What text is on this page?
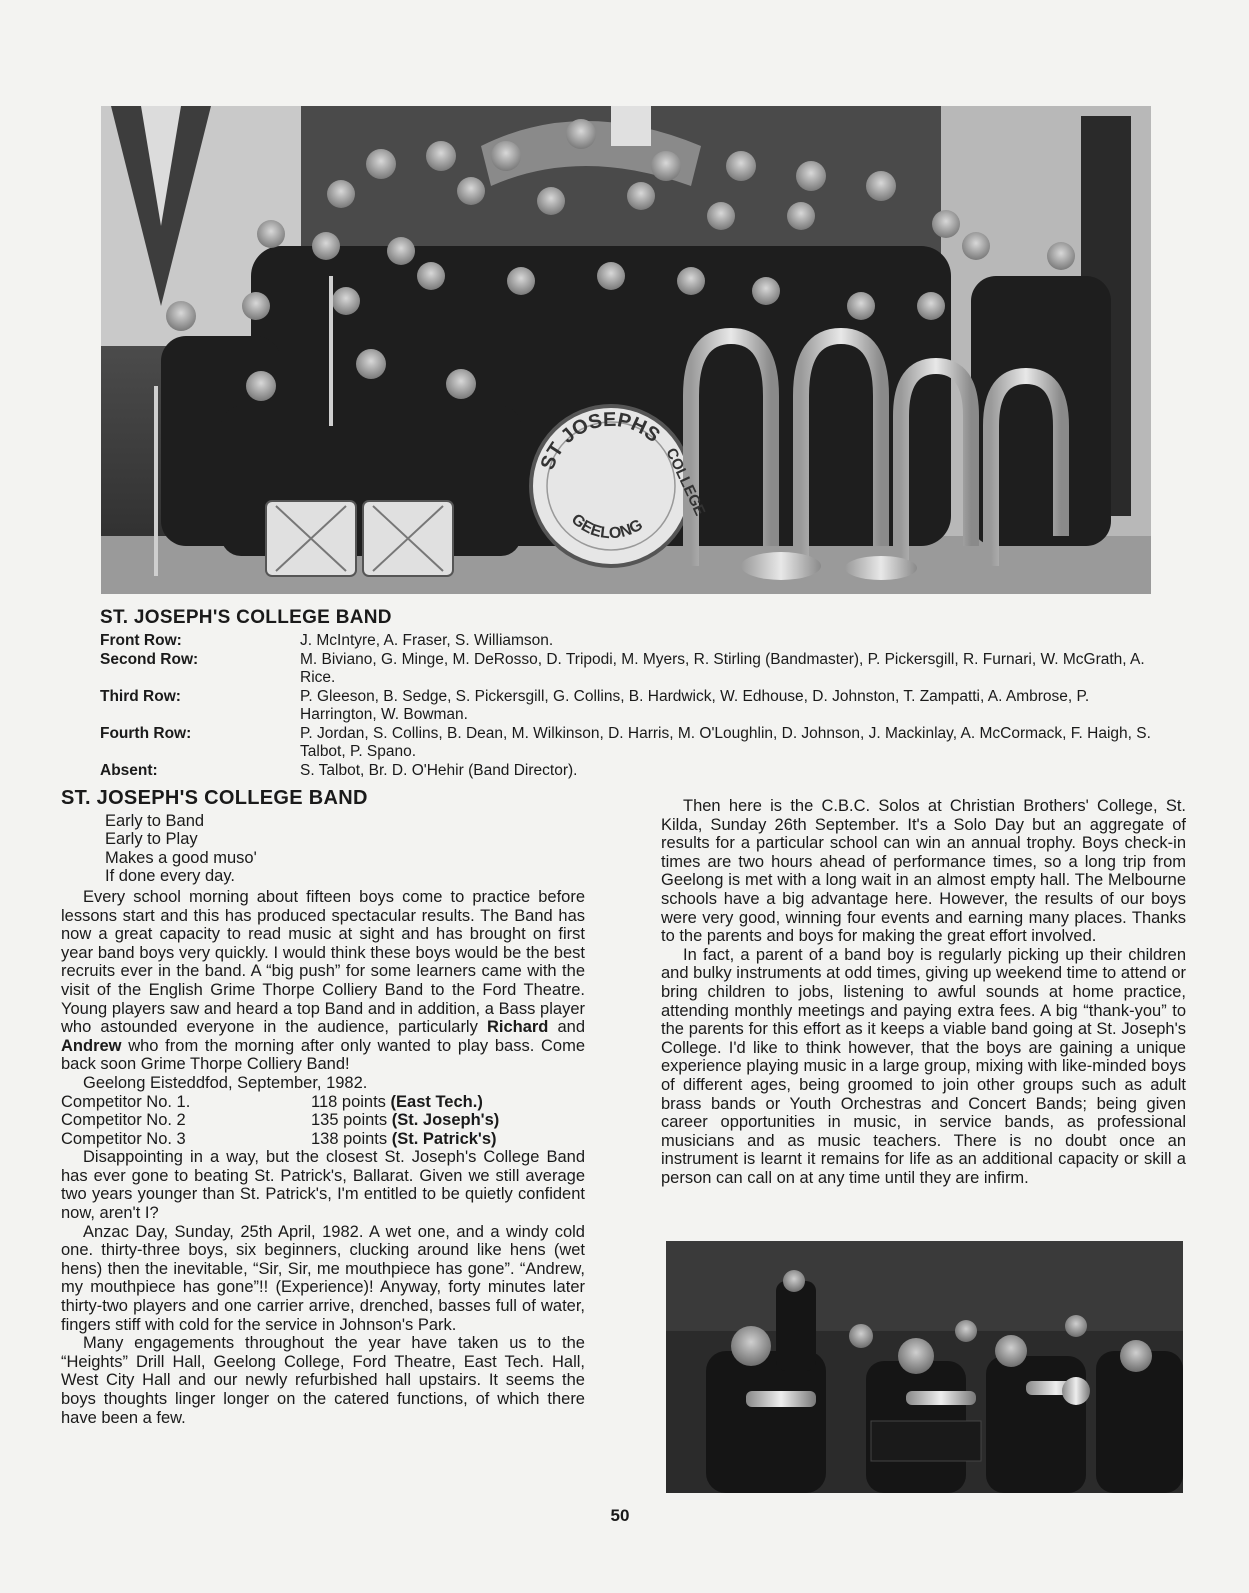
ST JOSEPHS
COLLEGE
GEELONG
ST. JOSEPH'S COLLEGE BAND
Front Row:	J. McIntyre, A. Fraser, S. Williamson.
Second Row:	M. Biviano, G. Minge, M. DeRosso, D. Tripodi, M. Myers, R. Stirling (Bandmaster), P. Pickersgill, R. Furnari, W. McGrath, A. Rice.
Third Row:	P. Gleeson, B. Sedge, S. Pickersgill, G. Collins, B. Hardwick, W. Edhouse, D. Johnston, T. Zampatti, A. Ambrose, P. Harrington, W. Bowman.
Fourth Row:	P. Jordan, S. Collins, B. Dean, M. Wilkinson, D. Harris, M. O'Loughlin, D. Johnson, J. Mackinlay, A. McCormack, F. Haigh, S. Talbot, P. Spano.
Absent:	S. Talbot, Br. D. O'Hehir (Band Director).
ST. JOSEPH'S COLLEGE BAND
Early to Band
Early to Play
Makes a good muso'
If done every day.

Every school morning about fifteen boys come to practice before lessons start and this has produced spectacular results. The Band has now a great capacity to read music at sight and has brought on first year band boys very quickly. I would think these boys would be the best recruits ever in the band. A “big push” for some learners came with the visit of the English Grime Thorpe Colliery Band to the Ford Theatre. Young players saw and heard a top Band and in addition, a Bass player who astounded everyone in the audience, particularly Richard and Andrew who from the morning after only wanted to play bass. Come back soon Grime Thorpe Colliery Band!

Geelong Eisteddfod, September, 1982.

Competitor No. 1.	118 points (East Tech.)
Competitor No. 2	135 points (St. Joseph's)
Competitor No. 3	138 points (St. Patrick's)

Disappointing in a way, but the closest St. Joseph's College Band has ever gone to beating St. Patrick's, Ballarat. Given we still average two years younger than St. Patrick's, I'm entitled to be quietly confident now, aren't I?

Anzac Day, Sunday, 25th April, 1982. A wet one, and a windy cold one. thirty-three boys, six beginners, clucking around like hens (wet hens) then the inevitable, “Sir, Sir, me mouthpiece has gone”. “Andrew, my mouthpiece has gone”!! (Experience)! Anyway, forty minutes later thirty-two players and one carrier arrive, drenched, basses full of water, fingers stiff with cold for the service in Johnson's Park.

Many engagements throughout the year have taken us to the “Heights” Drill Hall, Geelong College, Ford Theatre, East Tech. Hall, West City Hall and our newly refurbished hall upstairs. It seems the boys thoughts linger longer on the catered functions, of which there have been a few.

Then here is the C.B.C. Solos at Christian Brothers' College, St. Kilda, Sunday 26th September. It's a Solo Day but an aggregate of results for a particular school can win an annual trophy. Boys check-in times are two hours ahead of performance times, so a long trip from Geelong is met with a long wait in an almost empty hall. The Melbourne schools have a big advantage here. However, the results of our boys were very good, winning four events and earning many places. Thanks to the parents and boys for making the great effort involved.

In fact, a parent of a band boy is regularly picking up their children and bulky instruments at odd times, giving up weekend time to attend or bring children to jobs, listening to awful sounds at home practice, attending monthly meetings and paying extra fees. A big “thank-you” to the parents for this effort as it keeps a viable band going at St. Joseph's College. I'd like to think however, that the boys are gaining a unique experience playing music in a large group, mixing with like-minded boys of different ages, being groomed to join other groups such as adult brass bands or Youth Orchestras and Concert Bands; being given career opportunities in music, in service bands, as professional musicians and as music teachers. There is no doubt once an instrument is learnt it remains for life as an additional capacity or skill a person can call on at any time until they are infirm.

50
